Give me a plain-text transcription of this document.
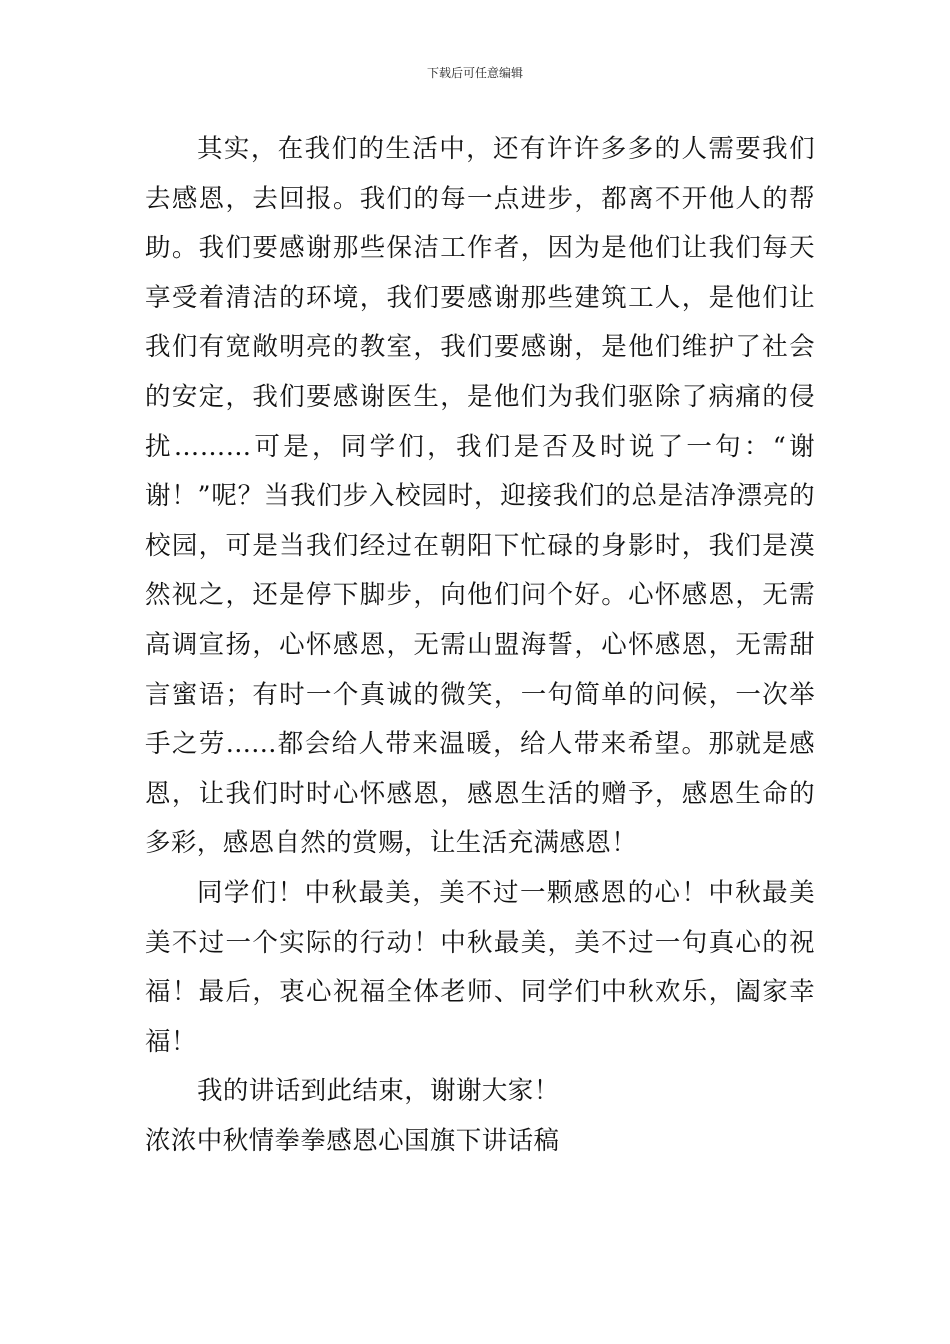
下载后可任意编辑

其实，在我们的生活中，还有许许多多的人需要我们去感恩，去回报。我们的每一点进步，都离不开他人的帮助。我们要感谢那些保洁工作者，因为是他们让我们每天享受着清洁的环境，我们要感谢那些建筑工人，是他们让我们有宽敞明亮的教室，我们要感谢，是他们维护了社会的安定，我们要感谢医生，是他们为我们驱除了病痛的侵扰………可是，同学们，我们是否及时说了一句：“谢谢！”呢？当我们步入校园时，迎接我们的总是洁净漂亮的校园，可是当我们经过在朝阳下忙碌的身影时，我们是漠然视之，还是停下脚步，向他们问个好。心怀感恩，无需高调宣扬，心怀感恩，无需山盟海誓，心怀感恩，无需甜言蜜语；有时一个真诚的微笑，一句简单的问候，一次举手之劳......都会给人带来温暖，给人带来希望。那就是感恩，让我们时时心怀感恩，感恩生活的赠予，感恩生命的多彩，感恩自然的赏赐，让生活充满感恩！

同学们！中秋最美，美不过一颗感恩的心！中秋最美美不过一个实际的行动！中秋最美，美不过一句真心的祝福！最后，衷心祝福全体老师、同学们中秋欢乐，阖家幸福！

我的讲话到此结束，谢谢大家！

浓浓中秋情拳拳感恩心国旗下讲话稿
